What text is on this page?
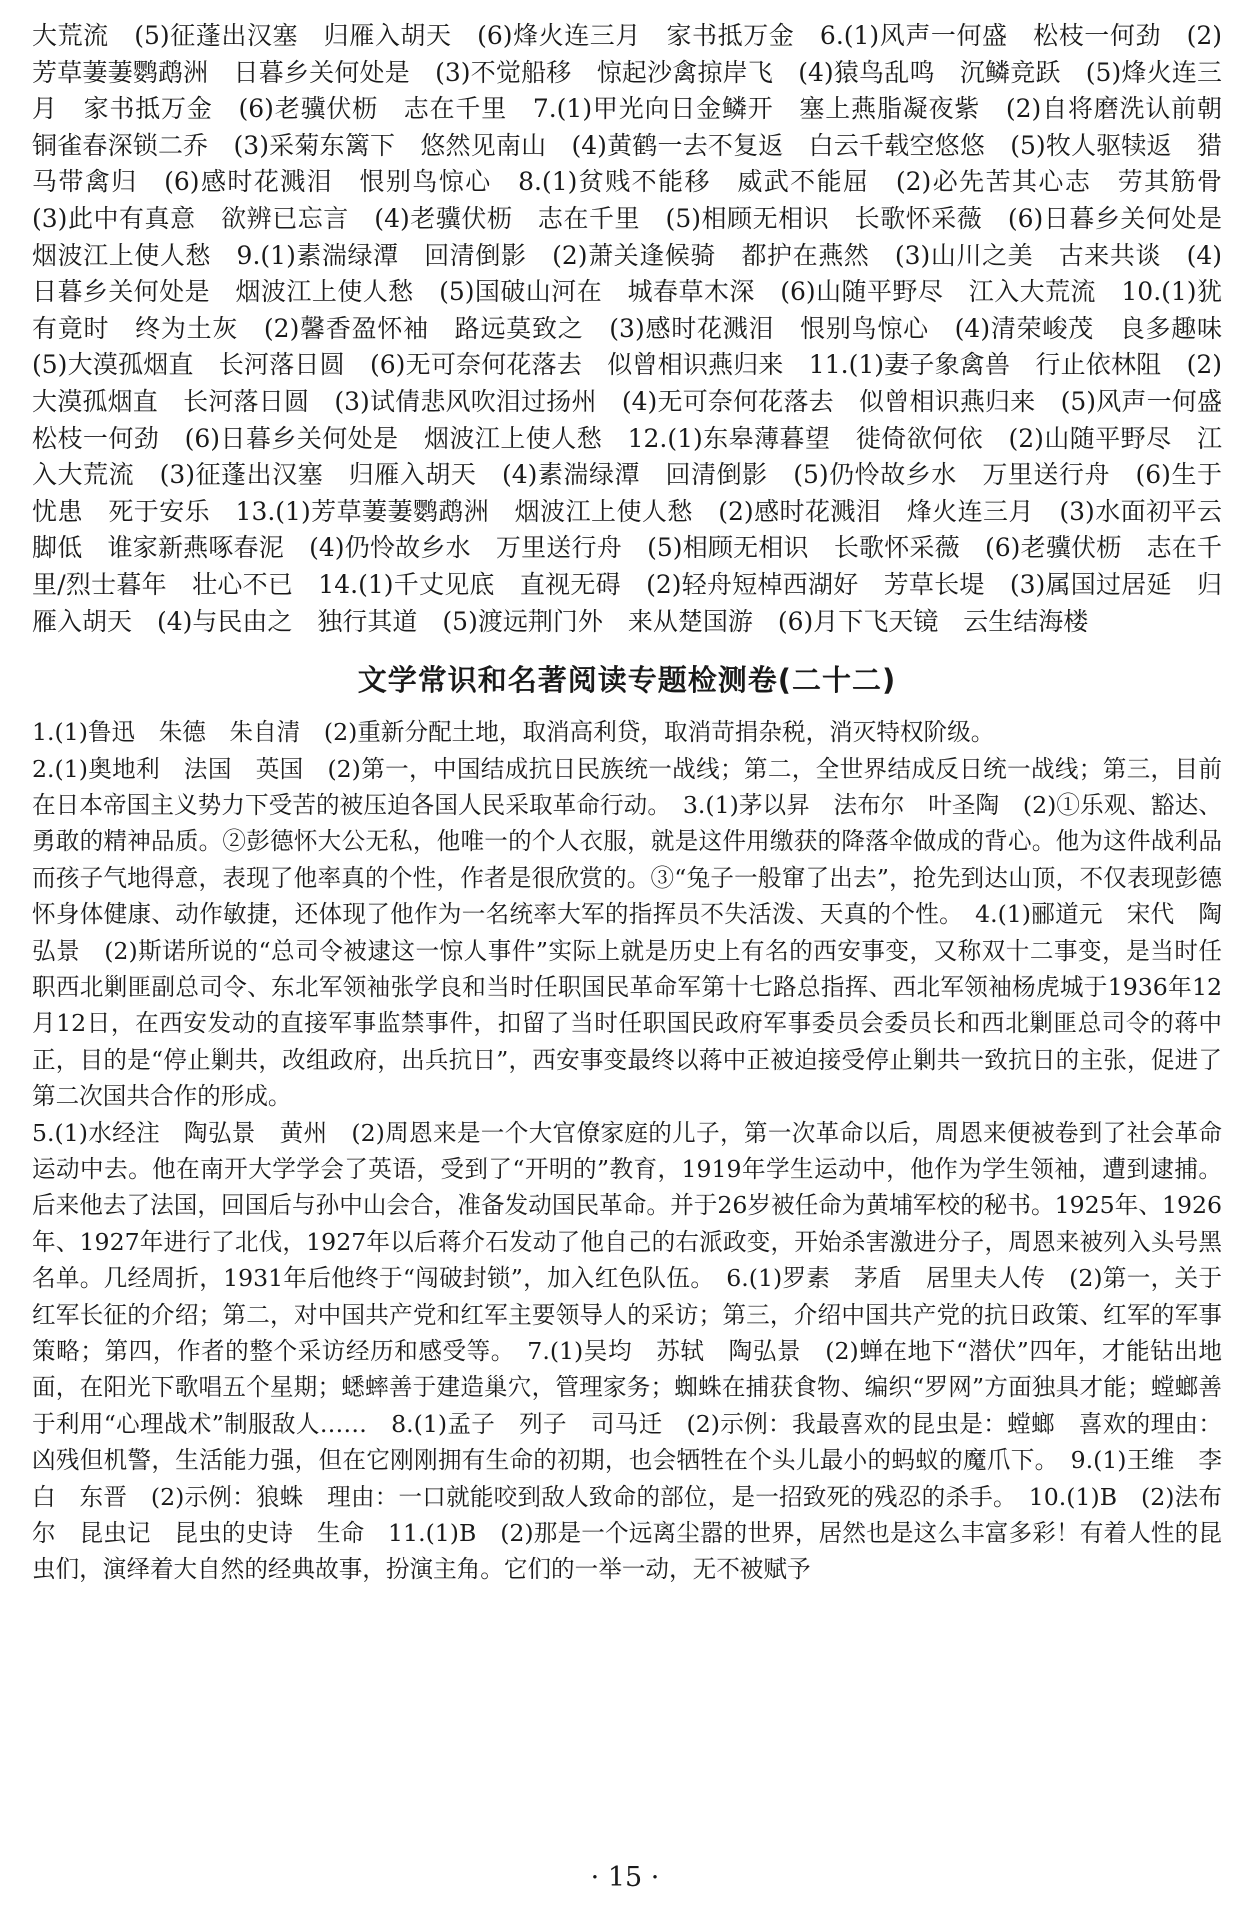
大荒流　(5)征蓬出汉塞　归雁入胡天　(6)烽火连三月　家书抵万金　6.(1)风声一何盛　松枝一何劲　(2)芳草萋萋鹦鹉洲　日暮乡关何处是　(3)不觉船移　惊起沙禽掠岸飞　(4)猿鸟乱鸣　沉鳞竞跃　(5)烽火连三月　家书抵万金　(6)老骥伏枥　志在千里　7.(1)甲光向日金鳞开　塞上燕脂凝夜紫　(2)自将磨洗认前朝　铜雀春深锁二乔　(3)采菊东篱下　悠然见南山　(4)黄鹤一去不复返　白云千载空悠悠　(5)牧人驱犊返　猎马带禽归　(6)感时花溅泪　恨别鸟惊心　8.(1)贫贱不能移　威武不能屈　(2)必先苦其心志　劳其筋骨　(3)此中有真意　欲辨已忘言　(4)老骥伏枥　志在千里　(5)相顾无相识　长歌怀采薇　(6)日暮乡关何处是　烟波江上使人愁　9.(1)素湍绿潭　回清倒影　(2)萧关逢候骑　都护在燕然　(3)山川之美　古来共谈　(4)日暮乡关何处是　烟波江上使人愁　(5)国破山河在　城春草木深　(6)山随平野尽　江入大荒流　10.(1)犹有竟时　终为土灰　(2)馨香盈怀袖　路远莫致之　(3)感时花溅泪　恨别鸟惊心　(4)清荣峻茂　良多趣味　(5)大漠孤烟直　长河落日圆　(6)无可奈何花落去　似曾相识燕归来　11.(1)妻子象禽兽　行止依林阻　(2)大漠孤烟直　长河落日圆　(3)试倩悲风吹泪过扬州　(4)无可奈何花落去　似曾相识燕归来　(5)风声一何盛　松枝一何劲　(6)日暮乡关何处是　烟波江上使人愁　12.(1)东皋薄暮望　徙倚欲何依　(2)山随平野尽　江入大荒流　(3)征蓬出汉塞　归雁入胡天　(4)素湍绿潭　回清倒影　(5)仍怜故乡水　万里送行舟　(6)生于忧患　死于安乐　13.(1)芳草萋萋鹦鹉洲　烟波江上使人愁　(2)感时花溅泪　烽火连三月　(3)水面初平云脚低　谁家新燕啄春泥　(4)仍怜故乡水　万里送行舟　(5)相顾无相识　长歌怀采薇　(6)老骥伏枥　志在千里/烈士暮年　壮心不已　14.(1)千丈见底　直视无碍　(2)轻舟短棹西湖好　芳草长堤　(3)属国过居延　归雁入胡天　(4)与民由之　独行其道　(5)渡远荆门外　来从楚国游　(6)月下飞天镜　云生结海楼
文学常识和名著阅读专题检测卷(二十二)
1.(1)鲁迅　朱德　朱自清　(2)重新分配土地，取消高利贷，取消苛捐杂税，消灭特权阶级。
2.(1)奥地利　法国　英国　(2)第一，中国结成抗日民族统一战线；第二，全世界结成反日统一战线；第三，目前在日本帝国主义势力下受苦的被压迫各国人民采取革命行动。　3.(1)茅以昇　法布尔　叶圣陶　(2)①乐观、豁达、勇敢的精神品质。②彭德怀大公无私，他唯一的个人衣服，就是这件用缴获的降落伞做成的背心。他为这件战利品而孩子气地得意，表现了他率真的个性，作者是很欣赏的。③“兔子一般窜了出去”，抢先到达山顶，不仅表现彭德怀身体健康、动作敏捷，还体现了他作为一名统率大军的指挥员不失活泼、天真的个性。　4.(1)郦道元　宋代　陶弘景　(2)斯诺所说的“总司令被逮这一惊人事件”实际上就是历史上有名的西安事变，又称双十二事变，是当时任职西北剿匪副总司令、东北军领袖张学良和当时任职国民革命军第十七路总指挥、西北军领袖杨虎城于1936年12月12日，在西安发动的直接军事监禁事件，扣留了当时任职国民政府军事委员会委员长和西北剿匪总司令的蒋中正，目的是“停止剿共，改组政府，出兵抗日”，西安事变最终以蒋中正被迫接受停止剿共一致抗日的主张，促进了第二次国共合作的形成。
5.(1)水经注　陶弘景　黄州　(2)周恩来是一个大官僚家庭的儿子，第一次革命以后，周恩来便被卷到了社会革命运动中去。他在南开大学学会了英语，受到了“开明的”教育，1919年学生运动中，他作为学生领袖，遭到逮捕。后来他去了法国，回国后与孙中山会合，准备发动国民革命。并于26岁被任命为黄埔军校的秘书。1925年、1926年、1927年进行了北伐，1927年以后蒋介石发动了他自己的右派政变，开始杀害激进分子，周恩来被列入头号黑名单。几经周折，1931年后他终于“闯破封锁”，加入红色队伍。　6.(1)罗素　茅盾　居里夫人传　(2)第一，关于红军长征的介绍；第二，对中国共产党和红军主要领导人的采访；第三，介绍中国共产党的抗日政策、红军的军事策略；第四，作者的整个采访经历和感受等。　7.(1)吴均　苏轼　陶弘景　(2)蝉在地下“潜伏”四年，才能钻出地面，在阳光下歌唱五个星期；蟋蟀善于建造巢穴，管理家务；蜘蛛在捕获食物、编织“罗网”方面独具才能；螳螂善于利用“心理战术”制服敌人……　8.(1)孟子　列子　司马迁　(2)示例：我最喜欢的昆虫是：螳螂　喜欢的理由：凶残但机警，生活能力强，但在它刚刚拥有生命的初期，也会牺牲在个头儿最小的蚂蚁的魔爪下。　9.(1)王维　李白　东晋　(2)示例：狼蛛　理由：一口就能咬到敌人致命的部位，是一招致死的残忍的杀手。　10.(1)B　(2)法布尔　昆虫记　昆虫的史诗　生命　11.(1)B　(2)那是一个远离尘嚣的世界，居然也是这么丰富多彩！有着人性的昆虫们，演绎着大自然的经典故事，扮演主角。它们的一举一动，无不被赋予
· 15 ·
